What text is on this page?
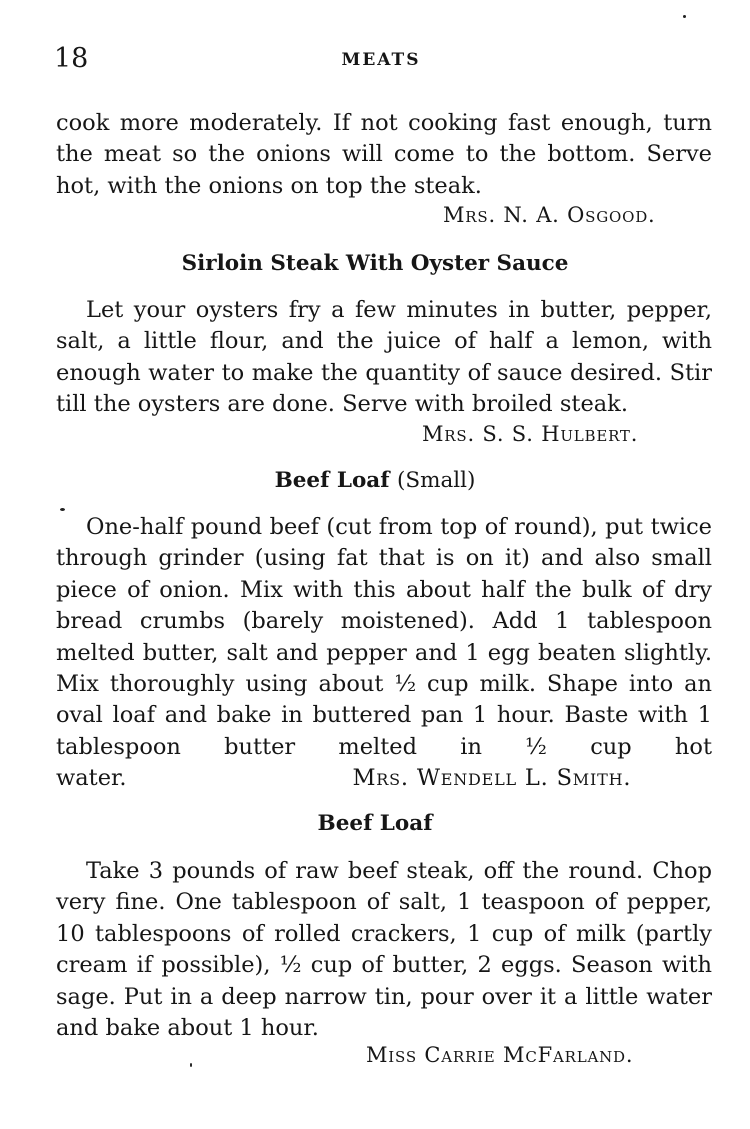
18	MEATS

cook more moderately. If not cooking fast enough, turn the meat so the onions will come to the bottom. Serve hot, with the onions on top the steak.

Mrs. N. A. Osgood.
Sirloin Steak With Oyster Sauce

Let your oysters fry a few minutes in butter, pepper, salt, a little flour, and the juice of half a lemon, with enough water to make the quantity of sauce desired. Stir till the oysters are done. Serve with broiled steak.

Mrs. S. S. Hulbert.
Beef Loaf (Small)

One-half pound beef (cut from top of round), put twice through grinder (using fat that is on it) and also small piece of onion. Mix with this about half the bulk of dry bread crumbs (barely moistened). Add 1 tablespoon melted butter, salt and pepper and 1 egg beaten slightly. Mix thoroughly using about ½ cup milk. Shape into an oval loaf and bake in buttered pan 1 hour. Baste with 1 tablespoon butter melted in ½ cup hot water.	Mrs. Wendell L. Smith.

Beef Loaf

Take 3 pounds of raw beef steak, off the round. Chop very fine. One tablespoon of salt, 1 teaspoon of pepper, 10 tablespoons of rolled crackers, 1 cup of milk (partly cream if possible), ½ cup of butter, 2 eggs. Season with sage. Put in a deep narrow tin, pour over it a little water and bake about 1 hour.

Miss Carrie McFarland.
